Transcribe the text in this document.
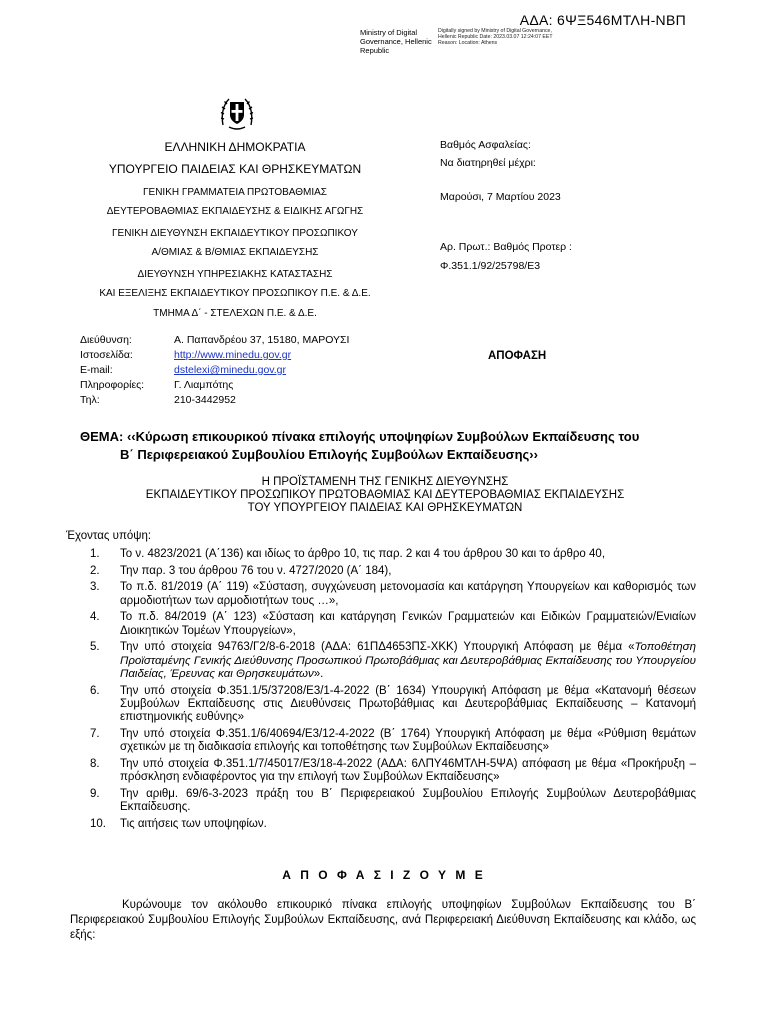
ΑΔΑ: 6ΨΞ546ΜΤΛΗ-ΝΒΠ
Ministry of Digital Governance, Hellenic Republic
Digitally signed by Ministry of Digital Governance, Hellenic Republic Date: 2023.03.07 12:24:07 EET Reason: Location: Athens
ΕΛΛΗΝΙΚΗ ΔΗΜΟΚΡΑΤΙΑ
ΥΠΟΥΡΓΕΙΟ ΠΑΙΔΕΙΑΣ ΚΑΙ ΘΡΗΣΚΕΥΜΑΤΩΝ
ΓΕΝΙΚΗ ΓΡΑΜΜΑΤΕΙΑ ΠΡΩΤΟΒΑΘΜΙΑΣ
ΔΕΥΤΕΡΟΒΑΘΜΙΑΣ ΕΚΠΑΙΔΕΥΣΗΣ & ΕΙΔΙΚΗΣ ΑΓΩΓΗΣ
ΓΕΝΙΚΗ ΔΙΕΥΘΥΝΣΗ ΕΚΠΑΙΔΕΥΤΙΚΟΥ ΠΡΟΣΩΠΙΚΟΥ
Α/ΘΜΙΑΣ & Β/ΘΜΙΑΣ ΕΚΠΑΙΔΕΥΣΗΣ
ΔΙΕΥΘΥΝΣΗ ΥΠΗΡΕΣΙΑΚΗΣ ΚΑΤΑΣΤΑΣΗΣ
ΚΑΙ ΕΞΕΛΙΞΗΣ ΕΚΠΑΙΔΕΥΤΙΚΟΥ ΠΡΟΣΩΠΙΚΟΥ Π.Ε. & Δ.Ε.
ΤΜΗΜΑ Δ΄ - ΣΤΕΛΕΧΩΝ Π.Ε. & Δ.Ε.
Βαθμός Ασφαλείας:
Να διατηρηθεί μέχρι:
Μαρούσι, 7 Μαρτίου 2023
Αρ. Πρωτ.: Βαθμός Προτερ :
Φ.351.1/92/25798/Ε3
Διεύθυνση:	Α. Παπανδρέου 37, 15180, ΜΑΡΟΥΣΙ
Ιστοσελίδα:	http://www.minedu.gov.gr
E-mail:	dstelexi@minedu.gov.gr
Πληροφορίες:	Γ. Λιαμπότης
Τηλ:	210-3442952
ΑΠΟΦΑΣΗ
ΘΕΜΑ: ‹‹Κύρωση επικουρικού πίνακα επιλογής υποψηφίων Συμβούλων Εκπαίδευσης του
Β΄ Περιφερειακού Συμβουλίου Επιλογής Συμβούλων Εκπαίδευσης››
Η ΠΡΟΪΣΤΑΜΕΝΗ ΤΗΣ ΓΕΝΙΚΗΣ ΔΙΕΥΘΥΝΣΗΣ
ΕΚΠΑΙΔΕΥΤΙΚΟΥ ΠΡΟΣΩΠΙΚΟΥ ΠΡΩΤΟΒΑΘΜΙΑΣ ΚΑΙ ΔΕΥΤΕΡΟΒΑΘΜΙΑΣ ΕΚΠΑΙΔΕΥΣΗΣ
ΤΟΥ ΥΠΟΥΡΓΕΙΟΥ ΠΑΙΔΕΙΑΣ ΚΑΙ ΘΡΗΣΚΕΥΜΑΤΩΝ
Έχοντας υπόψη:
1. Το ν. 4823/2021 (Α΄136) και ιδίως το άρθρο 10, τις παρ. 2 και 4 του άρθρου 30 και το άρθρο 40,
2. Την παρ. 3 του άρθρου 76 του ν. 4727/2020 (Α΄ 184),
3. Το π.δ. 81/2019 (Α΄ 119) «Σύσταση, συγχώνευση μετονομασία και κατάργηση Υπουργείων και καθορισμός των αρμοδιοτήτων των αρμοδιοτήτων τους …»,
4. Το π.δ. 84/2019 (Α΄ 123) «Σύσταση και κατάργηση Γενικών Γραμματειών και Ειδικών Γραμματειών/Ενιαίων Διοικητικών Τομέων Υπουργείων»,
5. Την υπό στοιχεία 94763/Γ2/8-6-2018 (ΑΔΑ: 61ΠΔ4653ΠΣ-ΧΚΚ) Υπουργική Απόφαση με θέμα «Τοποθέτηση Προϊσταμένης Γενικής Διεύθυνσης Προσωπικού Πρωτοβάθμιας και Δευτεροβάθμιας Εκπαίδευσης του Υπουργείου Παιδείας, Έρευνας και Θρησκευμάτων».
6. Την υπό στοιχεία Φ.351.1/5/37208/Ε3/1-4-2022 (Β΄ 1634) Υπουργική Απόφαση με θέμα «Κατανομή θέσεων Συμβούλων Εκπαίδευσης στις Διευθύνσεις Πρωτοβάθμιας και Δευτεροβάθμιας Εκπαίδευσης – Κατανομή επιστημονικής ευθύνης»
7. Την υπό στοιχεία Φ.351.1/6/40694/Ε3/12-4-2022 (Β΄ 1764) Υπουργική Απόφαση με θέμα «Ρύθμιση θεμάτων σχετικών με τη διαδικασία επιλογής και τοποθέτησης των Συμβούλων Εκπαίδευσης»
8. Την υπό στοιχεία Φ.351.1/7/45017/Ε3/18-4-2022 (ΑΔΑ: 6ΛΠΥ46ΜΤΛΗ-5ΨΑ) απόφαση με θέμα «Προκήρυξη – πρόσκληση ενδιαφέροντος για την επιλογή των Συμβούλων Εκπαίδευσης»
9. Την αριθμ. 69/6-3-2023 πράξη του Β΄ Περιφερειακού Συμβουλίου Επιλογής Συμβούλων Δευτεροβάθμιας Εκπαίδευσης.
10. Τις αιτήσεις των υποψηφίων.
Α Π Ο Φ Α Σ Ι Ζ Ο Υ Μ Ε
Κυρώνουμε τον ακόλουθο επικουρικό πίνακα επιλογής υποψηφίων Συμβούλων Εκπαίδευσης του Β΄ Περιφερειακού Συμβουλίου Επιλογής Συμβούλων Εκπαίδευσης, ανά Περιφερειακή Διεύθυνση Εκπαίδευσης και κλάδο, ως εξής:
